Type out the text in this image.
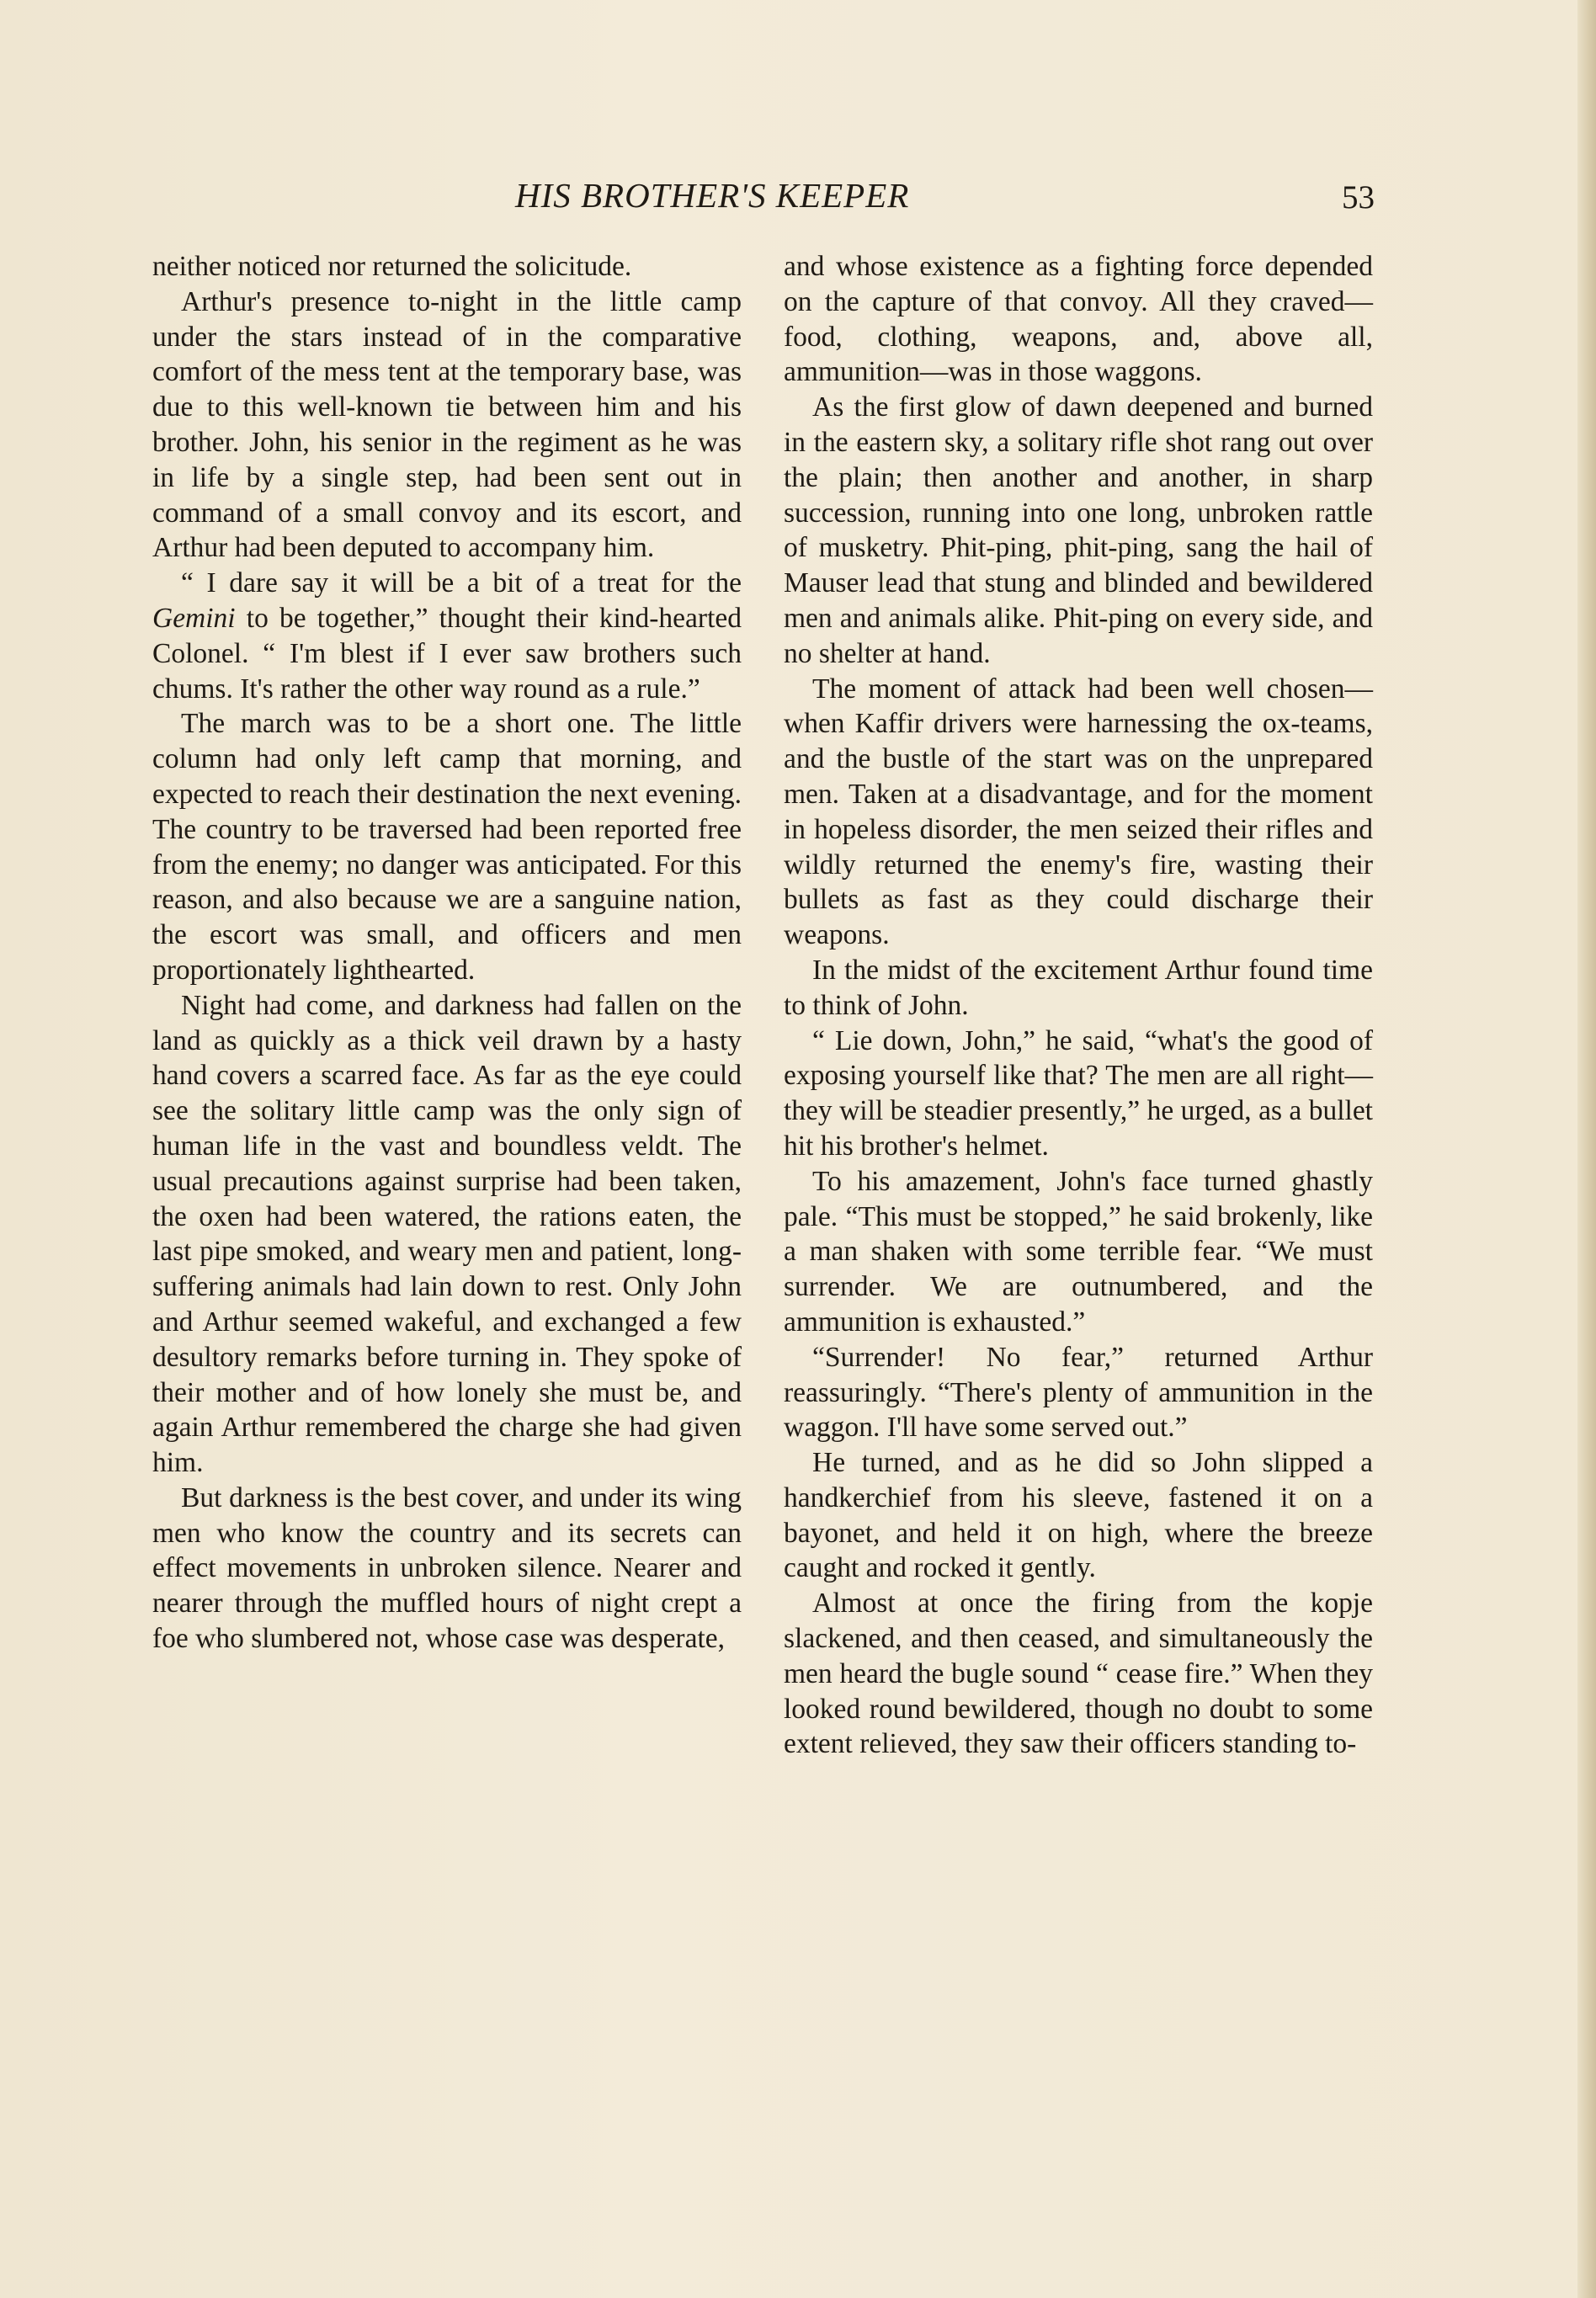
HIS BROTHER'S KEEPER	53

neither noticed nor returned the solicitude.

Arthur's presence to-night in the little camp under the stars instead of in the comparative comfort of the mess tent at the temporary base, was due to this well-known tie between him and his brother. John, his senior in the regiment as he was in life by a single step, had been sent out in command of a small convoy and its escort, and Arthur had been deputed to accompany him.

“ I dare say it will be a bit of a treat for the Gemini to be together,” thought their kind-hearted Colonel. “ I'm blest if I ever saw brothers such chums. It's rather the other way round as a rule.”

The march was to be a short one. The little column had only left camp that morning, and expected to reach their destination the next evening. The country to be traversed had been reported free from the enemy; no danger was anticipated. For this reason, and also because we are a sanguine nation, the escort was small, and officers and men proportionately lighthearted.

Night had come, and darkness had fallen on the land as quickly as a thick veil drawn by a hasty hand covers a scarred face. As far as the eye could see the solitary little camp was the only sign of human life in the vast and boundless veldt. The usual precautions against surprise had been taken, the oxen had been watered, the rations eaten, the last pipe smoked, and weary men and patient, long-suffering animals had lain down to rest. Only John and Arthur seemed wakeful, and exchanged a few desultory remarks before turning in. They spoke of their mother and of how lonely she must be, and again Arthur remembered the charge she had given him.

But darkness is the best cover, and under its wing men who know the country and its secrets can effect movements in unbroken silence. Nearer and nearer through the muffled hours of night crept a foe who slumbered not, whose case was desperate,

and whose existence as a fighting force depended on the capture of that convoy. All they craved—food, clothing, weapons, and, above all, ammunition—was in those waggons.

As the first glow of dawn deepened and burned in the eastern sky, a solitary rifle shot rang out over the plain; then another and another, in sharp succession, running into one long, unbroken rattle of musketry. Phit-ping, phit-ping, sang the hail of Mauser lead that stung and blinded and bewildered men and animals alike. Phit-ping on every side, and no shelter at hand.

The moment of attack had been well chosen—when Kaffir drivers were harnessing the ox-teams, and the bustle of the start was on the unprepared men. Taken at a disadvantage, and for the moment in hopeless disorder, the men seized their rifles and wildly returned the enemy's fire, wasting their bullets as fast as they could discharge their weapons.

In the midst of the excitement Arthur found time to think of John.

“ Lie down, John,” he said, “what's the good of exposing yourself like that? The men are all right—they will be steadier presently,” he urged, as a bullet hit his brother's helmet.

To his amazement, John's face turned ghastly pale. “This must be stopped,” he said brokenly, like a man shaken with some terrible fear. “We must surrender. We are outnumbered, and the ammunition is exhausted.”

“Surrender! No fear,” returned Arthur reassuringly. “There's plenty of ammunition in the waggon. I'll have some served out.”

He turned, and as he did so John slipped a handkerchief from his sleeve, fastened it on a bayonet, and held it on high, where the breeze caught and rocked it gently.

Almost at once the firing from the kopje slackened, and then ceased, and simultaneously the men heard the bugle sound “ cease fire.” When they looked round bewildered, though no doubt to some extent relieved, they saw their officers standing to-
